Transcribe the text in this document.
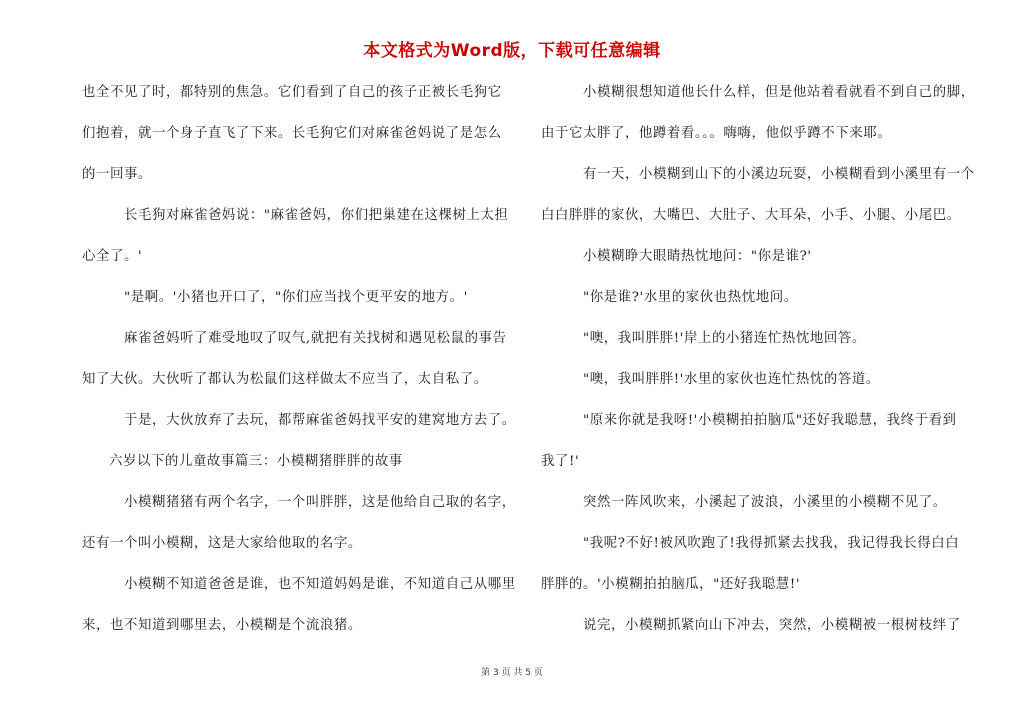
本文格式为Word版，下载可任意编辑
也全不见了时，都特别的焦急。它们看到了自己的孩子正被长毛狗它
们抱着，就一个身子直飞了下来。长毛狗它们对麻雀爸妈说了是怎么
的一回事。
长毛狗对麻雀爸妈说："麻雀爸妈，你们把巢建在这棵树上太担
心全了。'
"是啊。'小猪也开口了，"你们应当找个更平安的地方。'
麻雀爸妈听了难受地叹了叹气,就把有关找树和遇见松鼠的事告
知了大伙。大伙听了都认为松鼠们这样做太不应当了，太自私了。
于是，大伙放弃了去玩，都帮麻雀爸妈找平安的建窝地方去了。
六岁以下的儿童故事篇三：小模糊猪胖胖的故事
小模糊猪猪有两个名字，一个叫胖胖，这是他给自己取的名字，
还有一个叫小模糊，这是大家给他取的名字。
小模糊不知道爸爸是谁，也不知道妈妈是谁，不知道自己从哪里
来，也不知道到哪里去，小模糊是个流浪猪。
小模糊很想知道他长什么样，但是他站着看就看不到自己的脚，
由于它太胖了，他蹲着看。。。嗨嗨，他似乎蹲不下来耶。
有一天，小模糊到山下的小溪边玩耍，小模糊看到小溪里有一个
白白胖胖的家伙，大嘴巴、大肚子、大耳朵，小手、小腿、小尾巴。
小模糊睁大眼睛热忱地问："你是谁?'
"你是谁?'水里的家伙也热忱地问。
"噢，我叫胖胖!'岸上的小猪连忙热忱地回答。
"噢，我叫胖胖!'水里的家伙也连忙热忱的答道。
"原来你就是我呀!'小模糊拍拍脑瓜"还好我聪慧，我终于看到
我了!'
突然一阵风吹来，小溪起了波浪，小溪里的小模糊不见了。
"我呢?不好!被风吹跑了!我得抓紧去找我，我记得我长得白白
胖胖的。'小模糊拍拍脑瓜，"还好我聪慧!'
说完，小模糊抓紧向山下冲去，突然，小模糊被一根树枝绊了
第 3 页 共 5 页
